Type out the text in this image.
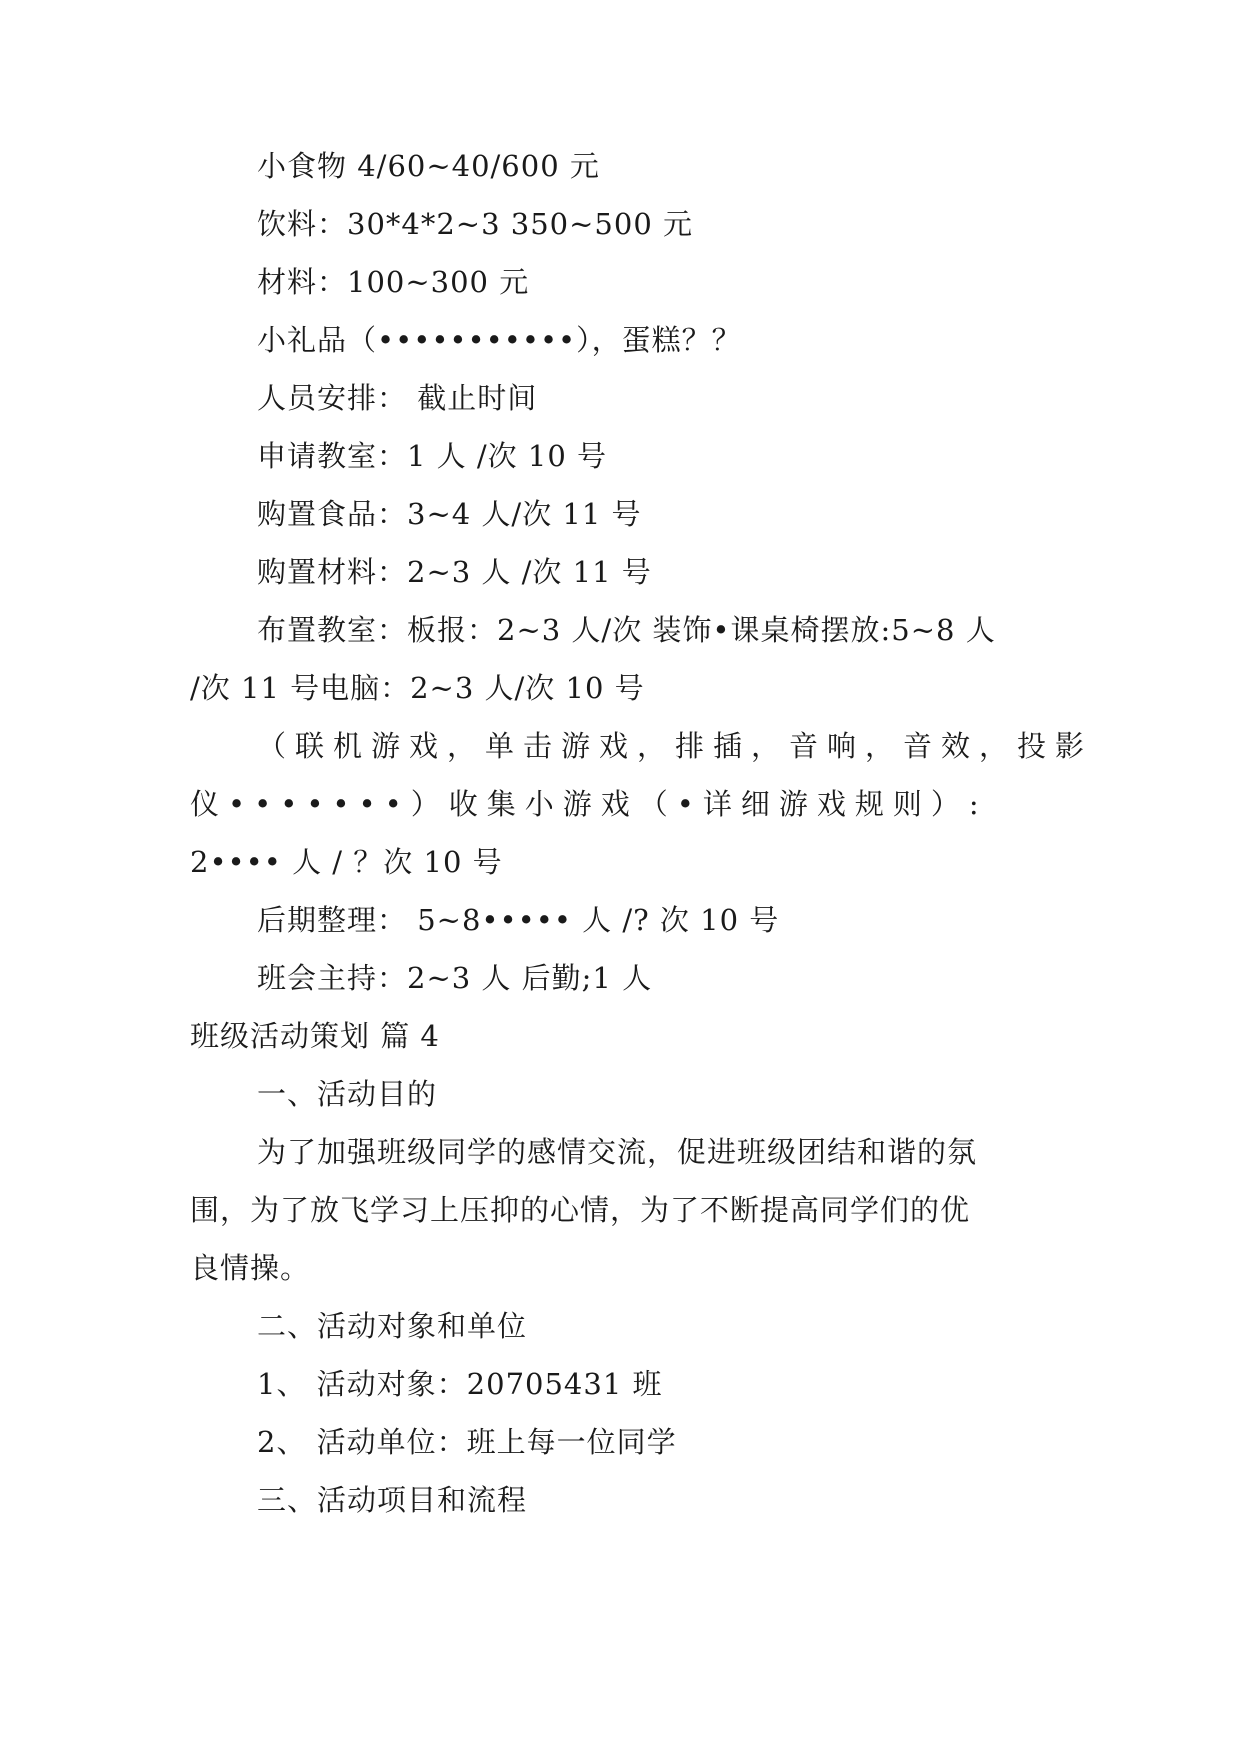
小食物 4/60~40/600 元
饮料：30*4*2~3 350~500 元
材料：100~300 元
小礼品（•••••••••••），蛋糕？？
人员安排： 截止时间
申请教室：1 人 /次 10 号
购置食品：3~4 人/次 11 号
购置材料：2~3 人 /次 11 号
布置教室：板报：2~3 人/次 装饰•课桌椅摆放:5~8 人
/次 11 号电脑：2~3 人/次 10 号
（联机游戏，单击游戏，排插，音响，音效，投影
仪•••••••）收集小游戏（•详细游戏规则）:
2•••• 人 / ？次 10 号
后期整理： 5~8••••• 人 /? 次 10 号
班会主持：2~3 人 后勤;1 人
班级活动策划 篇 4
一、活动目的
为了加强班级同学的感情交流，促进班级团结和谐的氛
围，为了放飞学习上压抑的心情，为了不断提高同学们的优
良情操。
二、活动对象和单位
1、 活动对象：20705431 班
2、 活动单位：班上每一位同学
三、活动项目和流程
